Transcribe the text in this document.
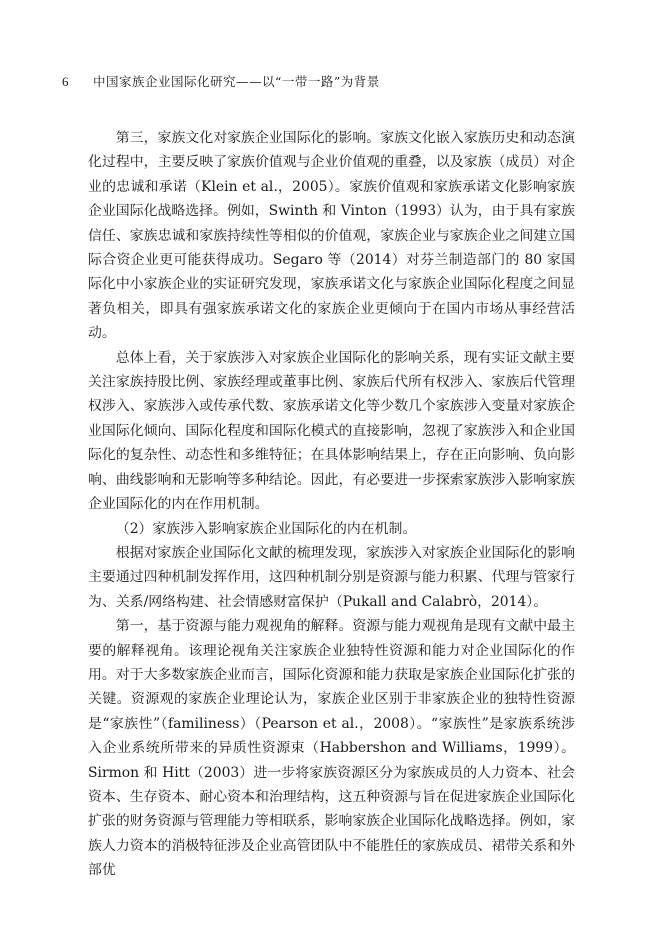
6 中国家族企业国际化研究——以“一带一路”为背景

第三，家族文化对家族企业国际化的影响。家族文化嵌入家族历史和动态演化过程中，主要反映了家族价值观与企业价值观的重叠，以及家族（成员）对企业的忠诚和承诺（Klein et al.，2005）。家族价值观和家族承诺文化影响家族企业国际化战略选择。例如，Swinth 和 Vinton（1993）认为，由于具有家族信任、家族忠诚和家族持续性等相似的价值观，家族企业与家族企业之间建立国际合资企业更可能获得成功。Segaro 等（2014）对芬兰制造部门的 80 家国际化中小家族企业的实证研究发现，家族承诺文化与家族企业国际化程度之间显著负相关，即具有强家族承诺文化的家族企业更倾向于在国内市场从事经营活动。

总体上看，关于家族涉入对家族企业国际化的影响关系，现有实证文献主要关注家族持股比例、家族经理或董事比例、家族后代所有权涉入、家族后代管理权涉入、家族涉入或传承代数、家族承诺文化等少数几个家族涉入变量对家族企业国际化倾向、国际化程度和国际化模式的直接影响，忽视了家族涉入和企业国际化的复杂性、动态性和多维特征；在具体影响结果上，存在正向影响、负向影响、曲线影响和无影响等多种结论。因此，有必要进一步探索家族涉入影响家族企业国际化的内在作用机制。

（2）家族涉入影响家族企业国际化的内在机制。

根据对家族企业国际化文献的梳理发现，家族涉入对家族企业国际化的影响主要通过四种机制发挥作用，这四种机制分别是资源与能力积累、代理与管家行为、关系/网络构建、社会情感财富保护（Pukall and Calabrò，2014）。

第一，基于资源与能力观视角的解释。资源与能力观视角是现有文献中最主要的解释视角。该理论视角关注家族企业独特性资源和能力对企业国际化的作用。对于大多数家族企业而言，国际化资源和能力获取是家族企业国际化扩张的关键。资源观的家族企业理论认为，家族企业区别于非家族企业的独特性资源是“家族性”（familiness）（Pearson et al.，2008）。“家族性”是家族系统涉入企业系统所带来的异质性资源束（Habbershon and Williams，1999）。Sirmon 和 Hitt（2003）进一步将家族资源区分为家族成员的人力资本、社会资本、生存资本、耐心资本和治理结构，这五种资源与旨在促进家族企业国际化扩张的财务资源与管理能力等相联系，影响家族企业国际化战略选择。例如，家族人力资本的消极特征涉及企业高管团队中不能胜任的家族成员、裙带关系和外部优
